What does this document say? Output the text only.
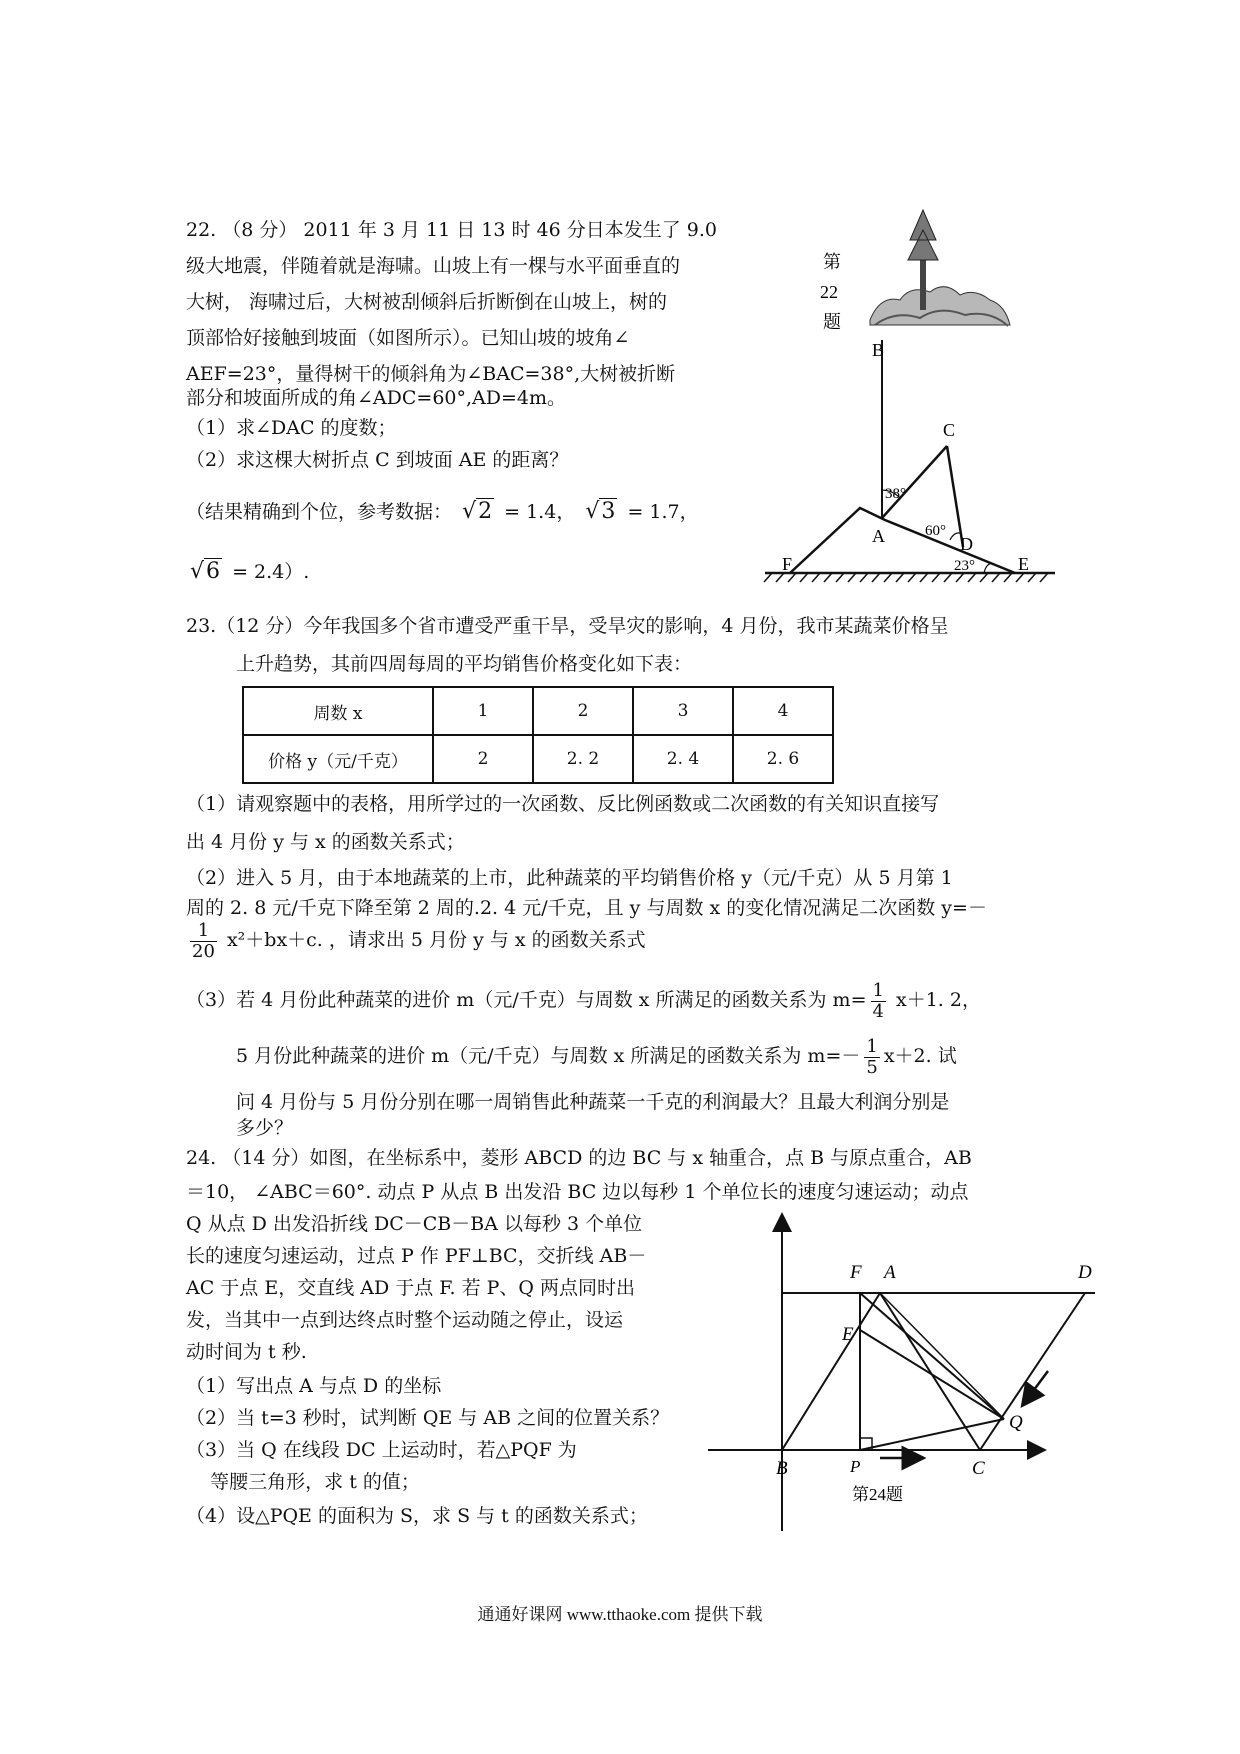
22. （8 分） 2011 年 3 月 11 日 13 时 46 分日本发生了 9.0
级大地震，伴随着就是海啸。山坡上有一棵与水平面垂直的
大树， 海啸过后，大树被刮倾斜后折断倒在山坡上，树的
顶部恰好接触到坡面（如图所示）。已知山坡的坡角∠
AEF=23°，量得树干的倾斜角为∠BAC=38°,大树被折断
部分和坡面所成的角∠ADC=60°,AD=4m。
（1）求∠DAC 的度数；
（2）求这棵大树折点 C 到坡面 AE 的距离？
（结果精确到个位，参考数据： √2 = 1.4， √3 = 1.7，
√6 = 2.4）.
第
22
题
B
C
A	D
E
F
38°
60°
23°
23.（12 分）今年我国多个省市遭受严重干旱，受旱灾的影响，4 月份，我市某蔬菜价格呈
上升趋势，其前四周每周的平均销售价格变化如下表：
周数 x	1	2	3	4
价格 y（元/千克）	2	2. 2	2. 4	2. 6
（1）请观察题中的表格，用所学过的一次函数、反比例函数或二次函数的有关知识直接写
出 4 月份 y 与 x 的函数关系式；
（2）进入 5 月，由于本地蔬菜的上市，此种蔬菜的平均销售价格 y（元/千克）从 5 月第 1
周的 2. 8 元/千克下降至第 2 周的.2. 4 元/千克，且 y 与周数 x 的变化情况满足二次函数 y=－
$\frac{1}{20} x^2+bx+c$. ，请求出 5 月份 y 与 x 的函数关系式
（3）若 4 月份此种蔬菜的进价 m（元/千克）与周数 x 所满足的函数关系为 $m= \frac{1}{4} x+1$. 2，
5 月份此种蔬菜的进价 m（元/千克）与周数 x 所满足的函数关系为 $m=- \frac{1}{5} x+2$. 试
问 4 月份与 5 月份分别在哪一周销售此种蔬菜一千克的利润最大？且最大利润分别是
多少？
24. （14 分）如图，在坐标系中，菱形 ABCD 的边 BC 与 x 轴重合，点 B 与原点重合，AB
＝10， ∠ABC＝60°. 动点 P 从点 B 出发沿 BC 边以每秒 1 个单位长的速度匀速运动；动点
Q 从点 D 出发沿折线 DC－CB－BA 以每秒 3 个单位
长的速度匀速运动，过点 P 作 PF⊥BC，交折线 AB－
AC 于点 E，交直线 AD 于点 F. 若 P、Q 两点同时出
发，当其中一点到达终点时整个运动随之停止，设运
动时间为 t 秒.
（1）写出点 A 与点 D 的坐标
（2）当 t=3 秒时，试判断 QE 与 AB 之间的位置关系？
（3）当 Q 在线段 DC 上运动时，若△PQF 为
等腰三角形，求 t 的值；
（4）设△PQE 的面积为 S，求 S 与 t 的函数关系式；
F A	D
E
Q
B	P	C
第24题
通通好课网 www.tthaoke.com 提供下载
